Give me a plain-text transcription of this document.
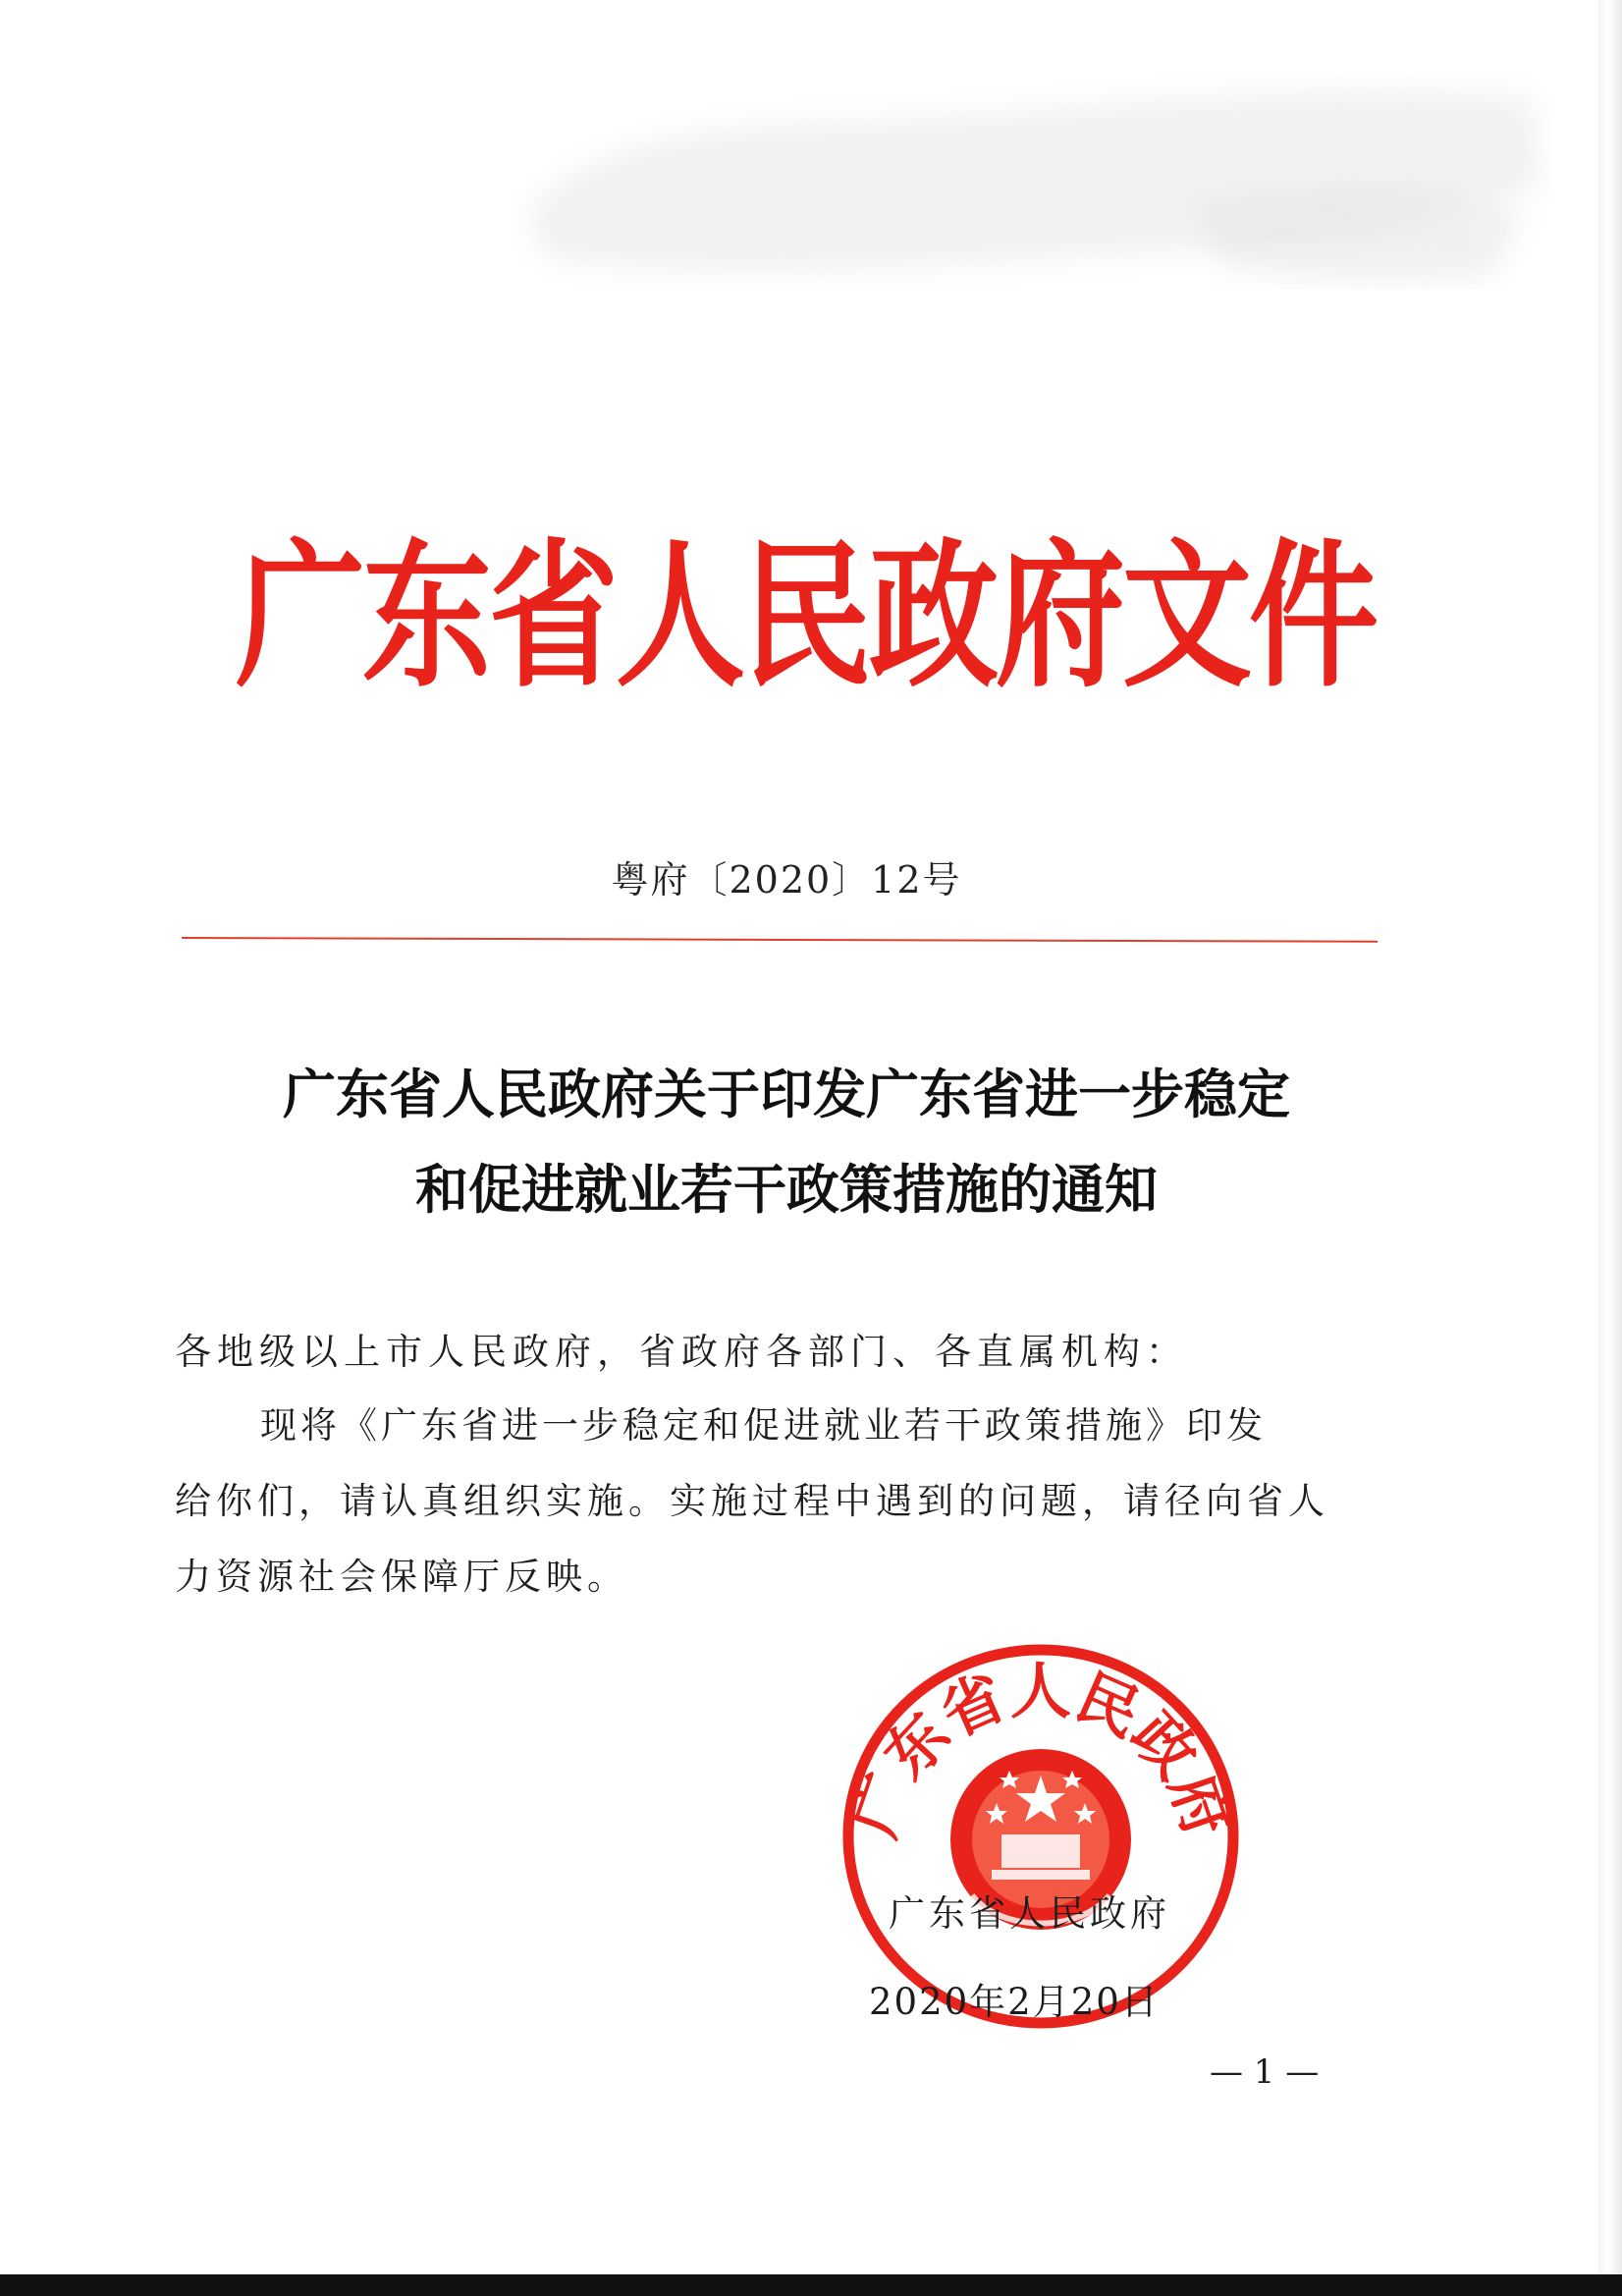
广东省人民政府文件
粤府〔2020〕12号
广东省人民政府关于印发广东省进一步稳定
和促进就业若干政策措施的通知
各地级以上市人民政府，省政府各部门、各直属机构：
现将《广东省进一步稳定和促进就业若干政策措施》印发
给你们，请认真组织实施。实施过程中遇到的问题，请径向省人
力资源社会保障厅反映。
广东省人民政府
广东省人民政府
2020年2月20日
— 1 —
